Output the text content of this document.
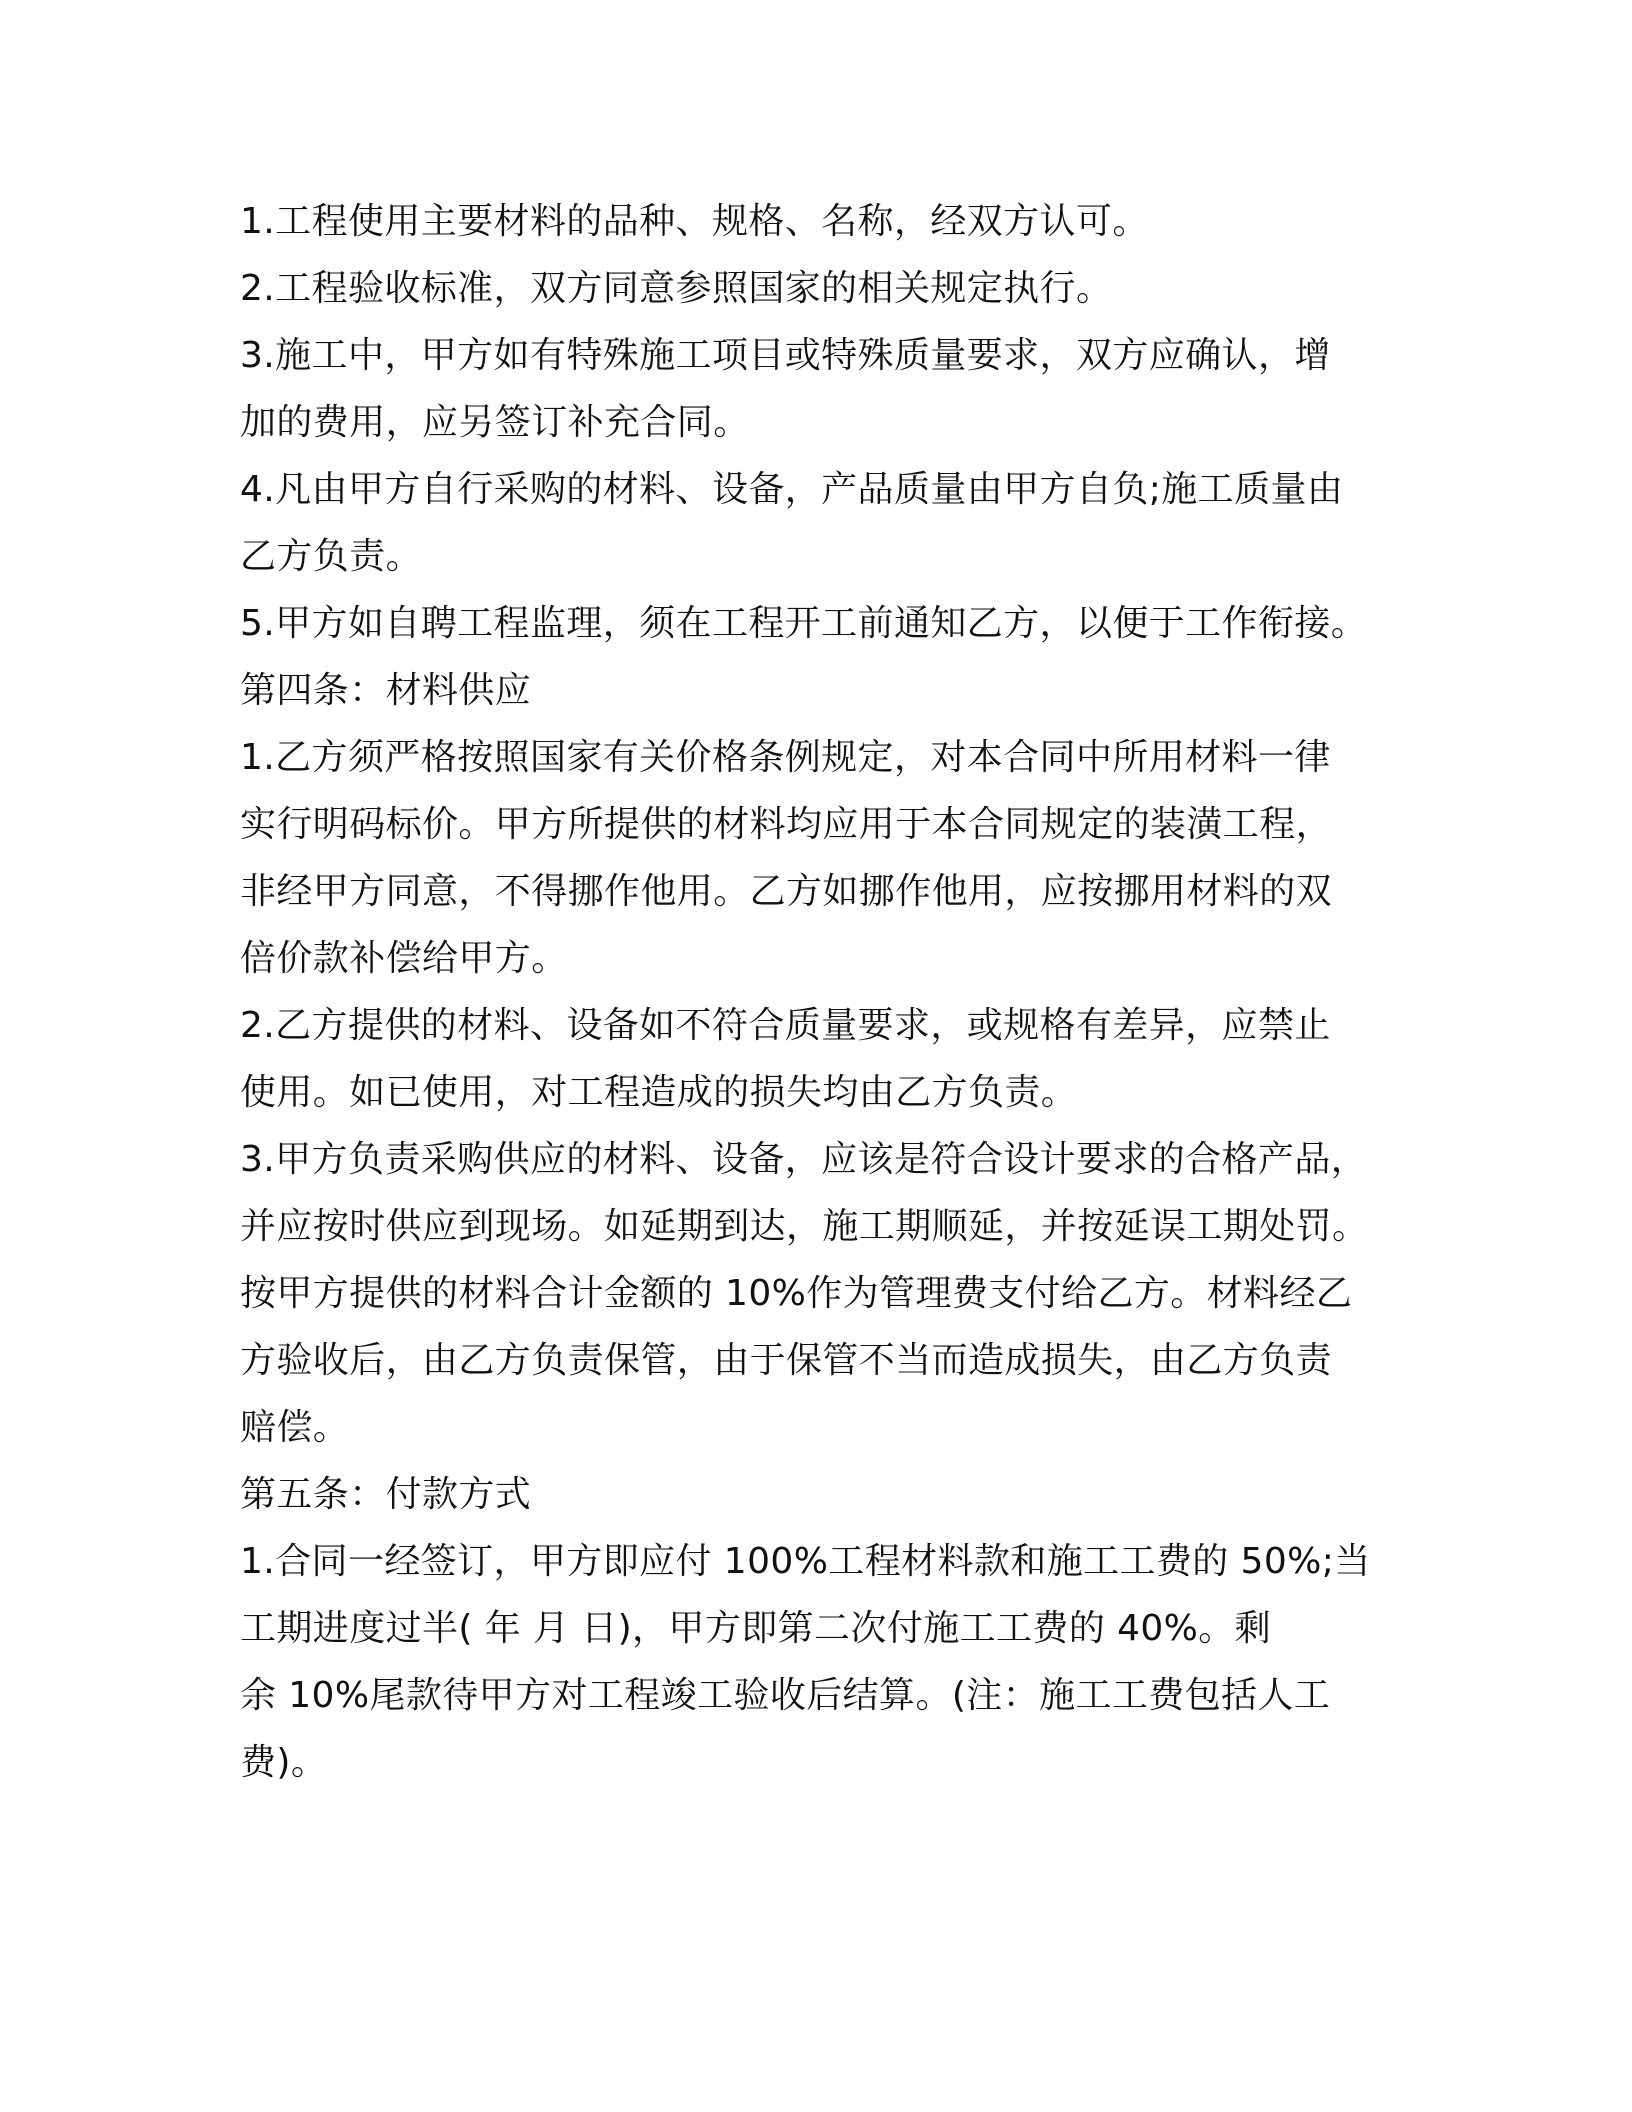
1.工程使用主要材料的品种、规格、名称，经双方认可。
2.工程验收标准，双方同意参照国家的相关规定执行。
3.施工中，甲方如有特殊施工项目或特殊质量要求，双方应确认，增
加的费用，应另签订补充合同。
4.凡由甲方自行采购的材料、设备，产品质量由甲方自负;施工质量由
乙方负责。
5.甲方如自聘工程监理，须在工程开工前通知乙方，以便于工作衔接。
第四条：材料供应
1.乙方须严格按照国家有关价格条例规定，对本合同中所用材料一律
实行明码标价。甲方所提供的材料均应用于本合同规定的装潢工程，
非经甲方同意，不得挪作他用。乙方如挪作他用，应按挪用材料的双
倍价款补偿给甲方。
2.乙方提供的材料、设备如不符合质量要求，或规格有差异，应禁止
使用。如已使用，对工程造成的损失均由乙方负责。
3.甲方负责采购供应的材料、设备，应该是符合设计要求的合格产品，
并应按时供应到现场。如延期到达，施工期顺延，并按延误工期处罚。
按甲方提供的材料合计金额的 10%作为管理费支付给乙方。材料经乙
方验收后，由乙方负责保管，由于保管不当而造成损失，由乙方负责
赔偿。
第五条：付款方式
1.合同一经签订，甲方即应付 100%工程材料款和施工工费的 50%;当
工期进度过半( 年 月 日)，甲方即第二次付施工工费的 40%。剩
余 10%尾款待甲方对工程竣工验收后结算。(注：施工工费包括人工
费)。
